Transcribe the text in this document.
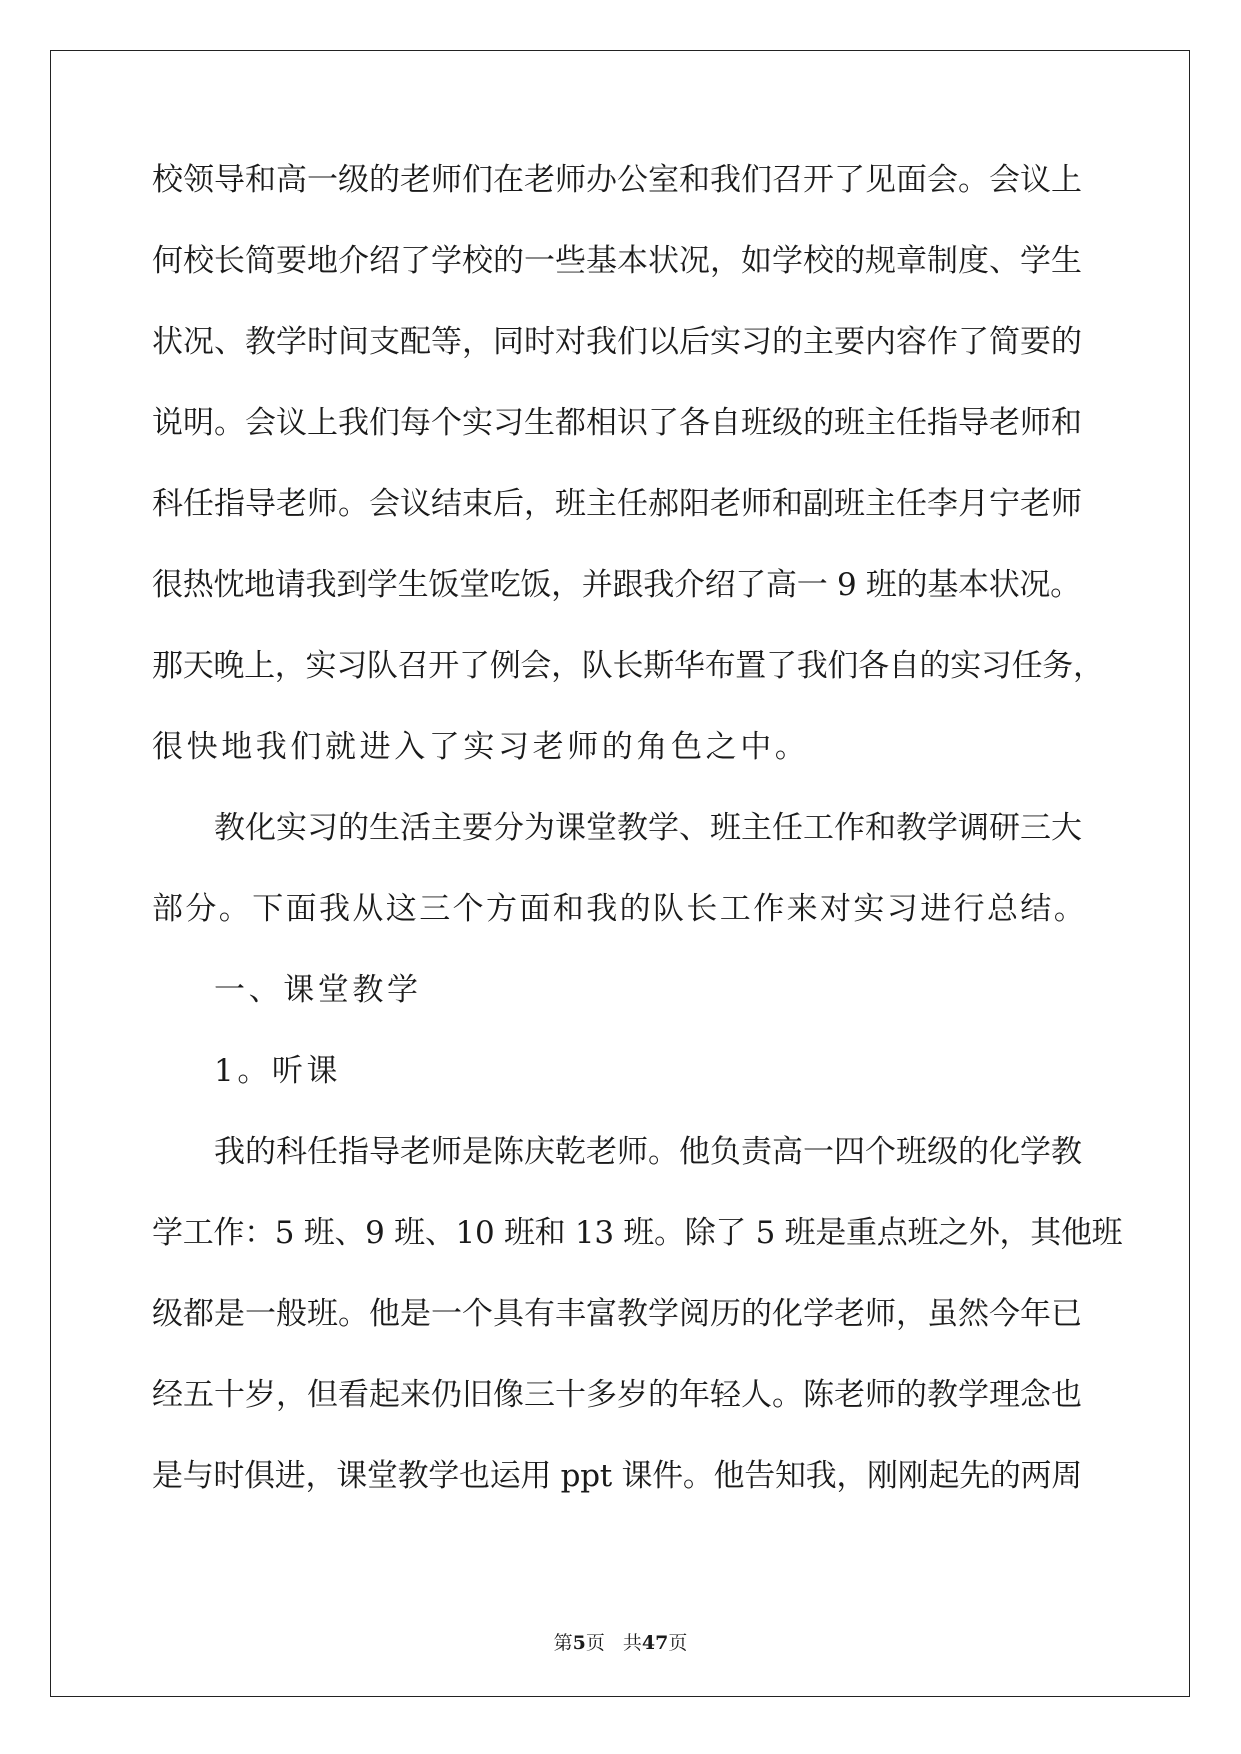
校领导和高一级的老师们在老师办公室和我们召开了见面会。会议上
何校长简要地介绍了学校的一些基本状况，如学校的规章制度、学生
状况、教学时间支配等，同时对我们以后实习的主要内容作了简要的
说明。会议上我们每个实习生都相识了各自班级的班主任指导老师和
科任指导老师。会议结束后，班主任郝阳老师和副班主任李月宁老师
很热忱地请我到学生饭堂吃饭，并跟我介绍了高一 9 班的基本状况。
那天晚上，实习队召开了例会，队长斯华布置了我们各自的实习任务，
很快地我们就进入了实习老师的角色之中。
教化实习的生活主要分为课堂教学、班主任工作和教学调研三大
部分。下面我从这三个方面和我的队长工作来对实习进行总结。
一、课堂教学
1。听课
我的科任指导老师是陈庆乾老师。他负责高一四个班级的化学教
学工作：5 班、9 班、10 班和 13 班。除了 5 班是重点班之外，其他班
级都是一般班。他是一个具有丰富教学阅历的化学老师，虽然今年已
经五十岁，但看起来仍旧像三十多岁的年轻人。陈老师的教学理念也
是与时俱进，课堂教学也运用 ppt 课件。他告知我，刚刚起先的两周
第5页 共47页
